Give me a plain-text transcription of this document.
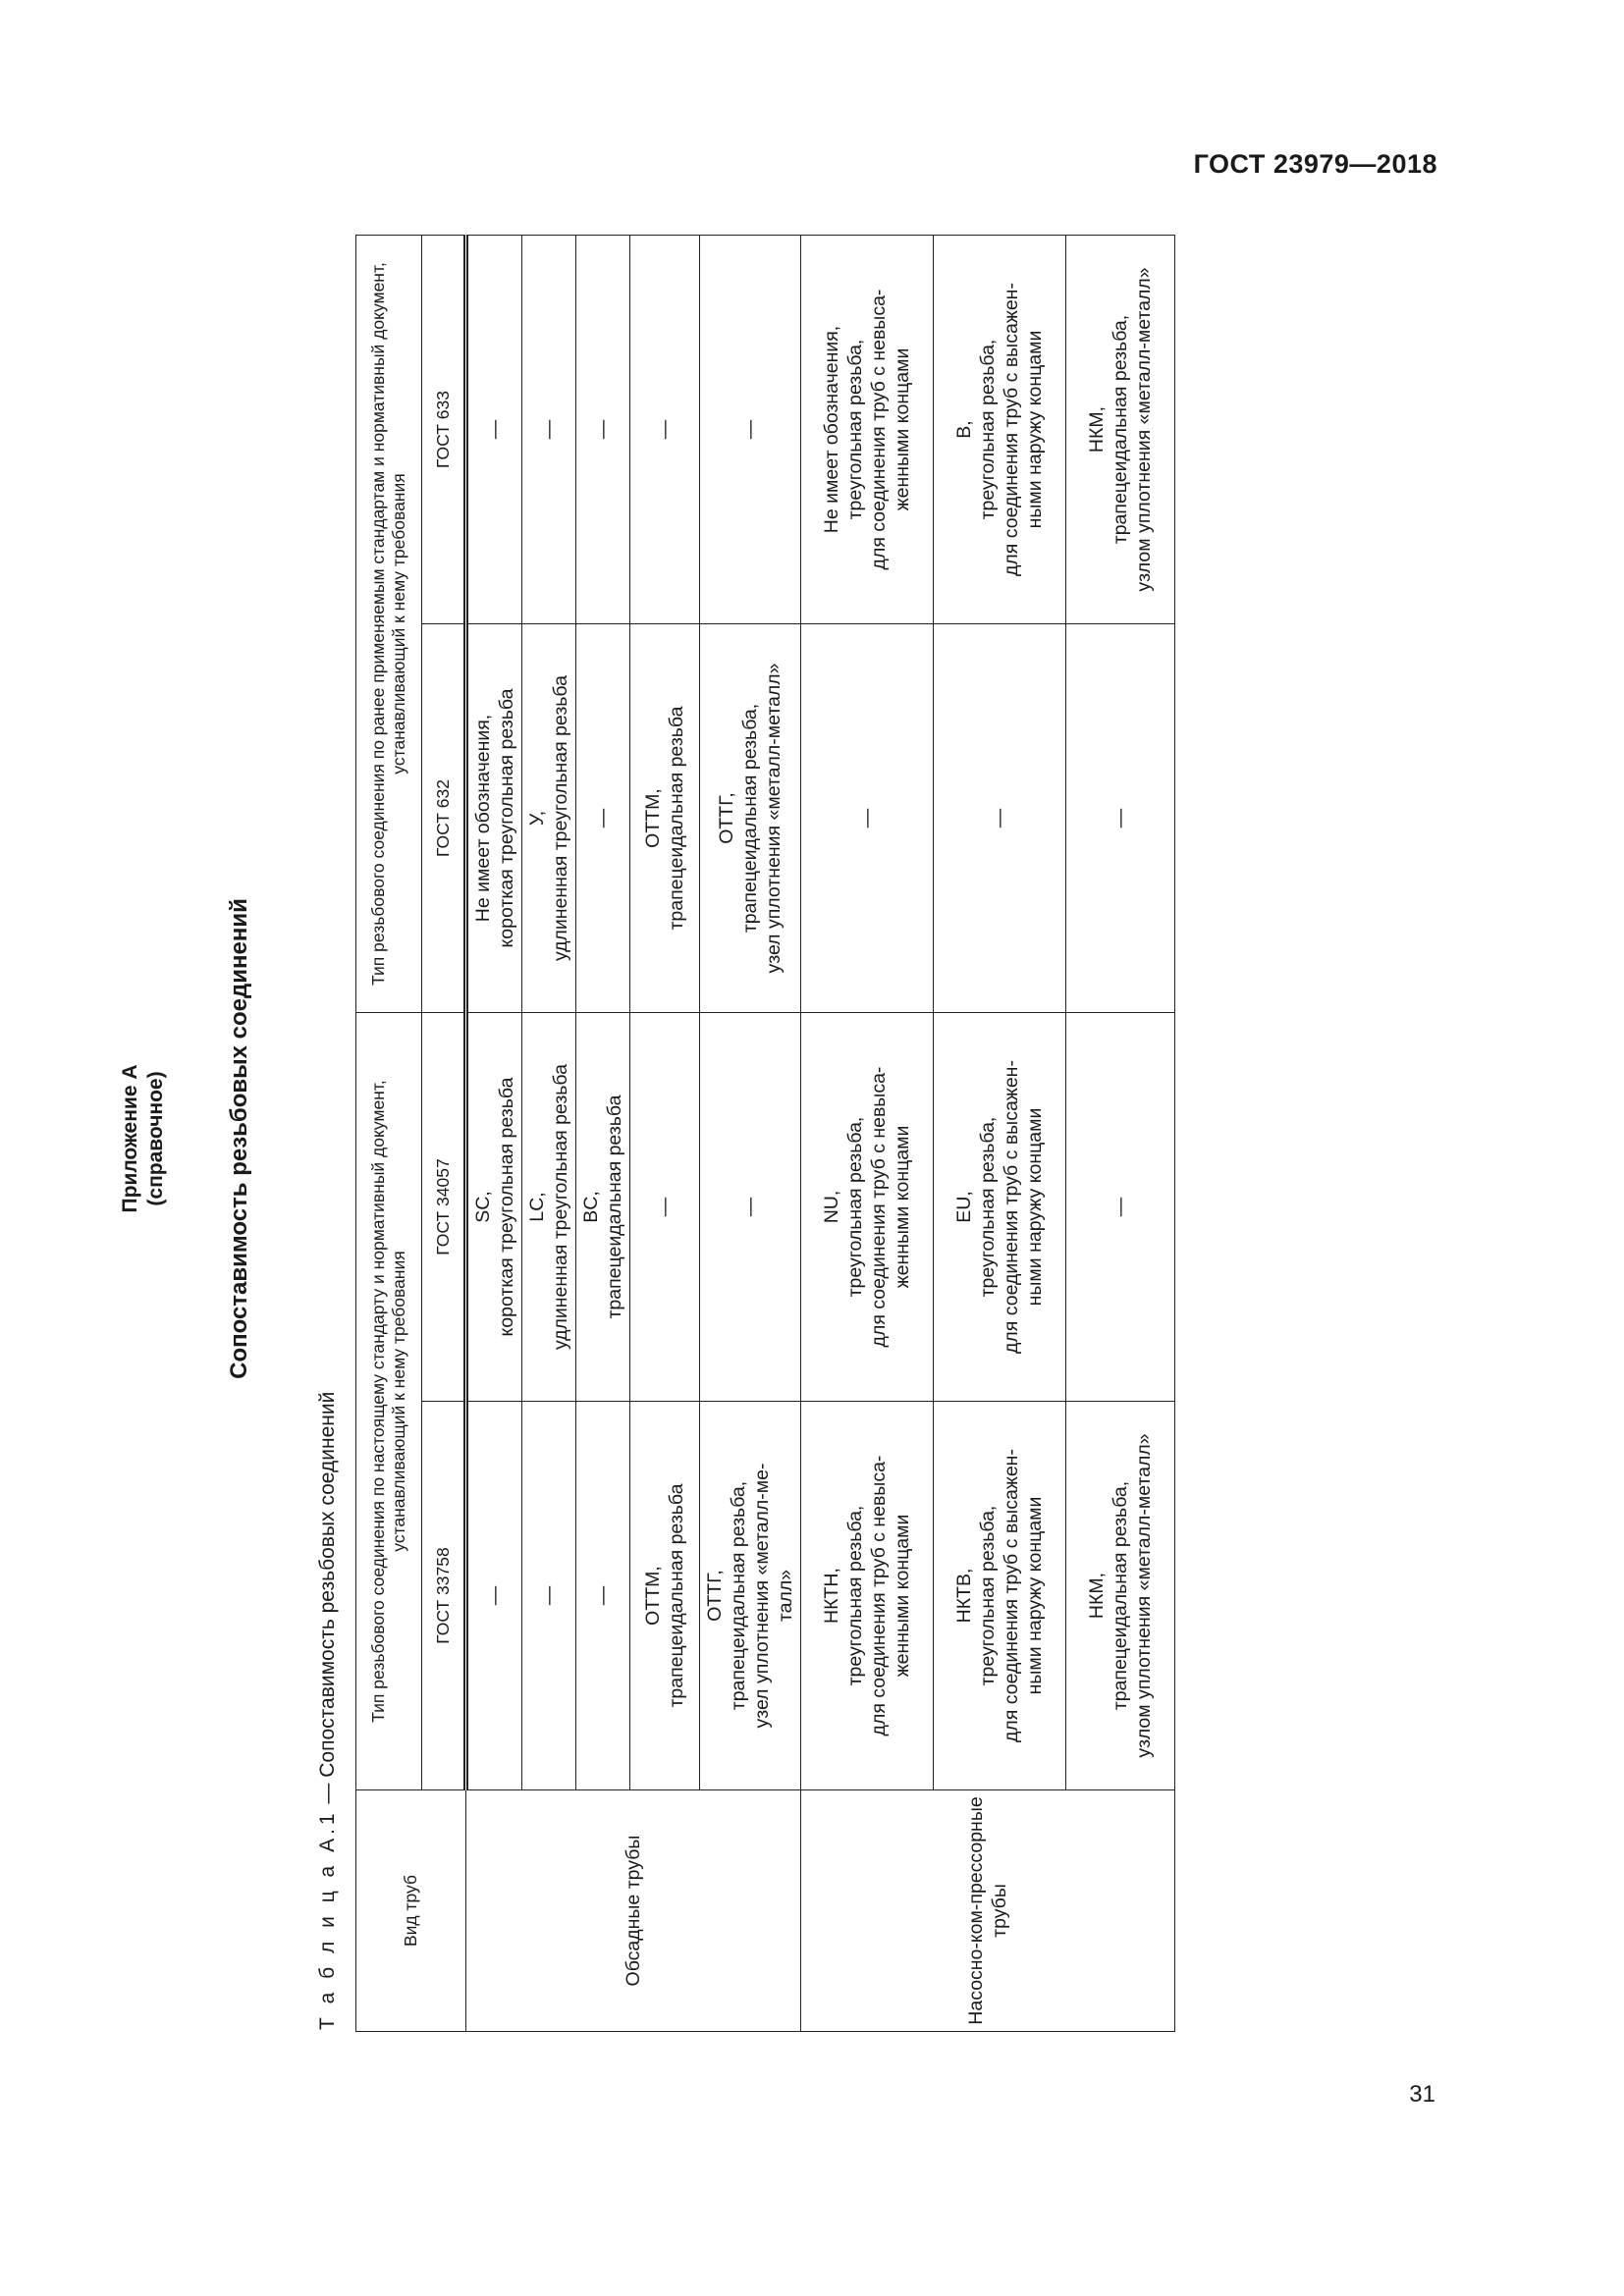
ГОСТ 23979—2018
Приложение А (справочное)	Сопоставимость резьбовых соединений
Т а б л и ц а А.1 — Сопоставимость резьбовых соединений
Вид труб	Тип резьбового соединения по настоящему стандарту и нормативный документ, устанавливающий к нему требования		Тип резьбового соединения по ранее применяемым стандартам и нормативный документ, устанавливающий к нему требования	
	ГОСТ 33758	ГОСТ 34057	ГОСТ 632	ГОСТ 633
Обсадные трубы	—	SC, короткая треугольная резьба	Не имеет обозначения, короткая треугольная резьба	—

	—	LC, удлиненная треугольная резьба	У, удлиненная треугольная резьба	—

	—	BC, трапецеидальная резьба	—	—

	ОТТМ, трапецеидальная резьба	—	ОТТМ, трапецеидальная резьба	—

	ОТТГ, трапецеидальная резьба, узел уплотнения «металл-ме- талл»	—	ОТТГ, трапецеидальная резьба, узел уплотнения «металл-металл»	—

Насосно-ком-прессорные трубы	НКТН, треугольная резьба, для соединения труб с невыса- женными концами	NU, треугольная резьба, для соединения труб с невыса- женными концами	—	Не имеет обозначения, треугольная резьба, для соединения труб с невыса- женными концами

	НКТВ, треугольная резьба, для соединения труб с высажен- ными наружу концами	EU, треугольная резьба, для соединения труб с высажен- ными наружу концами	—	В, треугольная резьба, для соединения труб с высажен- ными наружу концами

	НКМ, трапецеидальная резьба, узлом уплотнения «металл-металл»	—	—	НКМ, трапецеидальная резьба, узлом уплотнения «металл-металл»
31
